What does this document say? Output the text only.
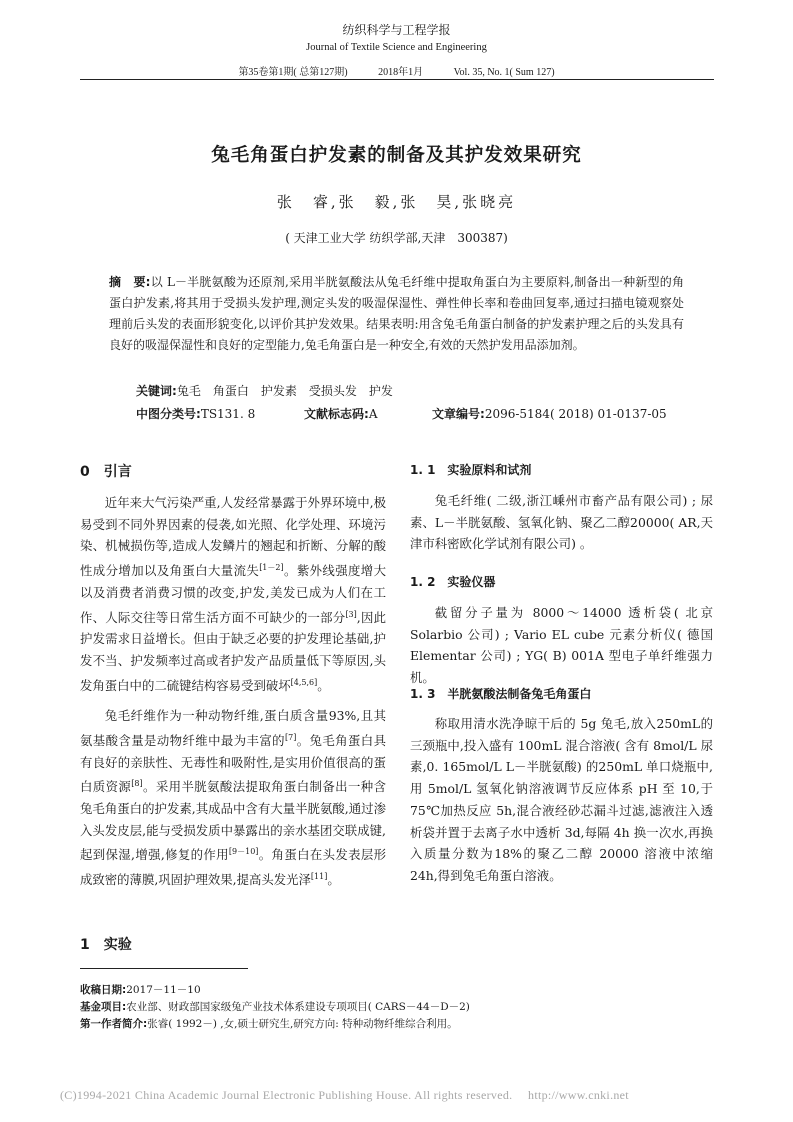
纺织科学与工程学报
Journal of Textile Science and Engineering
第35卷第1期( 总第127期)	2018年1月	Vol. 35, No. 1( Sum 127)
兔毛角蛋白护发素的制备及其护发效果研究
张　睿,张　毅,张　昊,张晓亮
( 天津工业大学 纺织学部,天津　300387)
摘　要:以 L－半胱氨酸为还原剂,采用半胱氨酸法从兔毛纤维中提取角蛋白为主要原料,制备出一种新型的角蛋白护发素,将其用于受损头发护理,测定头发的吸湿保湿性、弹性伸长率和卷曲回复率,通过扫描电镜观察处理前后头发的表面形貌变化,以评价其护发效果。结果表明:用含兔毛角蛋白制备的护发素护理之后的头发具有良好的吸湿保湿性和良好的定型能力,兔毛角蛋白是一种安全,有效的天然护发用品添加剂。
关键词:兔毛　角蛋白　护发素　受损头发　护发
中图分类号:TS131. 8	文献标志码:A	文章编号:2096-5184( 2018) 01-0137-05
0　引言
近年来大气污染严重,人发经常暴露于外界环境中,极易受到不同外界因素的侵袭,如光照、化学处理、环境污染、机械损伤等,造成人发鳞片的翘起和折断、分解的酸性成分增加以及角蛋白大量流失[1－2]。紫外线强度增大以及消费者消费习惯的改变,护发,美发已成为人们在工作、人际交往等日常生活方面不可缺少的一部分[3],因此护发需求日益增长。但由于缺乏必要的护发理论基础,护发不当、护发频率过高或者护发产品质量低下等原因,头发角蛋白中的二硫键结构容易受到破坏[4,5,6]。
兔毛纤维作为一种动物纤维,蛋白质含量93%,且其氨基酸含量是动物纤维中最为丰富的[7]。兔毛角蛋白具有良好的亲肤性、无毒性和吸附性,是实用价值很高的蛋白质资源[8]。采用半胱氨酸法提取角蛋白制备出一种含兔毛角蛋白的护发素,其成品中含有大量半胱氨酸,通过渗入头发皮层,能与受损发质中暴露出的亲水基团交联成键,起到保湿,增强,修复的作用[9－10]。角蛋白在头发表层形成致密的薄膜,巩固护理效果,提高头发光泽[11]。
1　实验
1. 1　实验原料和试剂
兔毛纤维( 二级,浙江嵊州市畜产品有限公司) ; 尿素、L－半胱氨酸、氢氧化钠、聚乙二醇20000( AR,天津市科密欧化学试剂有限公司) 。
1. 2　实验仪器
截留分子量为 8000～14000 透析袋( 北京 Solarbio 公司) ; Vario EL cube 元素分析仪( 德国 Elementar 公司) ; YG( B) 001A 型电子单纤维强力机。
1. 3　半胱氨酸法制备兔毛角蛋白
称取用清水洗净晾干后的 5g 兔毛,放入250mL的三颈瓶中,投入盛有 100mL 混合溶液( 含有 8mol/L 尿素,0. 165mol/L L－半胱氨酸) 的250mL 单口烧瓶中,用 5mol/L 氢氧化钠溶液调节反应体系 pH 至 10,于 75℃加热反应 5h,混合液经砂芯漏斗过滤,滤液注入透析袋并置于去离子水中透析 3d,每隔 4h 换一次水,再换入质量分数为18%的聚乙二醇 20000 溶液中浓缩 24h,得到兔毛角蛋白溶液。
收稿日期:2017－11－10
基金项目:农业部、财政部国家级兔产业技术体系建设专项项目( CARS－44－D－2)
第一作者简介:张睿( 1992－) ,女,硕士研究生,研究方向: 特种动物纤维综合利用。
(C)1994-2021 China Academic Journal Electronic Publishing House. All rights reserved.　 http://www.cnki.net
